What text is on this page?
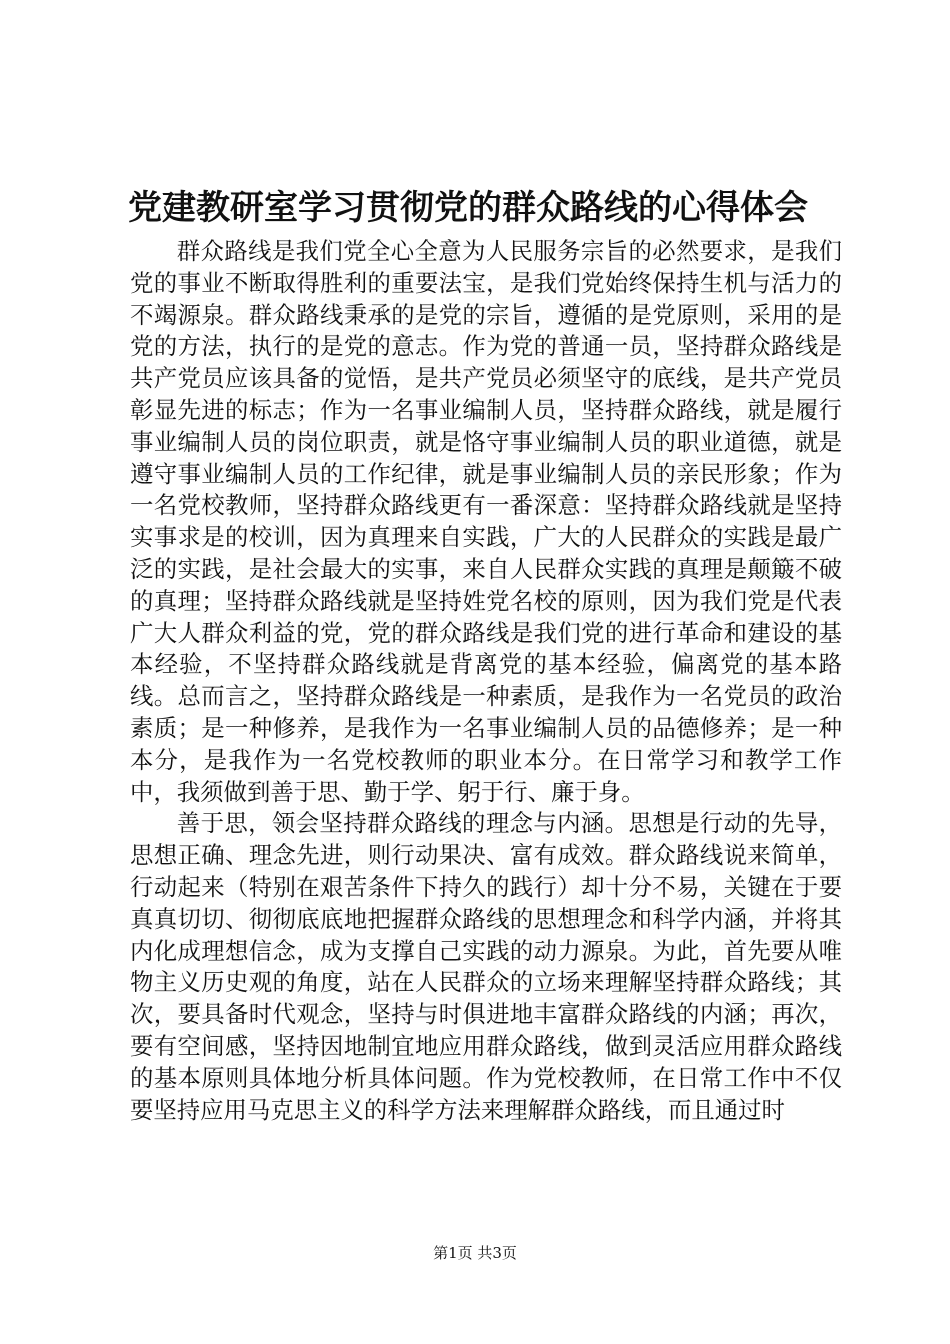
党建教研室学习贯彻党的群众路线的心得体会

群众路线是我们党全心全意为人民服务宗旨的必然要求，是我们党的事业不断取得胜利的重要法宝，是我们党始终保持生机与活力的不竭源泉。群众路线秉承的是党的宗旨，遵循的是党原则，采用的是党的方法，执行的是党的意志。作为党的普通一员，坚持群众路线是共产党员应该具备的觉悟，是共产党员必须坚守的底线，是共产党员彰显先进的标志；作为一名事业编制人员，坚持群众路线，就是履行事业编制人员的岗位职责，就是恪守事业编制人员的职业道德，就是遵守事业编制人员的工作纪律，就是事业编制人员的亲民形象；作为一名党校教师，坚持群众路线更有一番深意：坚持群众路线就是坚持实事求是的校训，因为真理来自实践，广大的人民群众的实践是最广泛的实践，是社会最大的实事，来自人民群众实践的真理是颠簸不破的真理；坚持群众路线就是坚持姓党名校的原则，因为我们党是代表广大人群众利益的党，党的群众路线是我们党的进行革命和建设的基本经验，不坚持群众路线就是背离党的基本经验，偏离党的基本路线。总而言之，坚持群众路线是一种素质，是我作为一名党员的政治素质；是一种修养，是我作为一名事业编制人员的品德修养；是一种本分，是我作为一名党校教师的职业本分。在日常学习和教学工作中，我须做到善于思、勤于学、躬于行、廉于身。

善于思，领会坚持群众路线的理念与内涵。思想是行动的先导，思想正确、理念先进，则行动果决、富有成效。群众路线说来简单，行动起来（特别在艰苦条件下持久的践行）却十分不易，关键在于要真真切切、彻彻底底地把握群众路线的思想理念和科学内涵，并将其内化成理想信念，成为支撑自己实践的动力源泉。为此，首先要从唯物主义历史观的角度，站在人民群众的立场来理解坚持群众路线；其次，要具备时代观念，坚持与时俱进地丰富群众路线的内涵；再次，要有空间感，坚持因地制宜地应用群众路线，做到灵活应用群众路线的基本原则具体地分析具体问题。作为党校教师，在日常工作中不仅要坚持应用马克思主义的科学方法来理解群众路线，而且通过时

第1页 共3页
